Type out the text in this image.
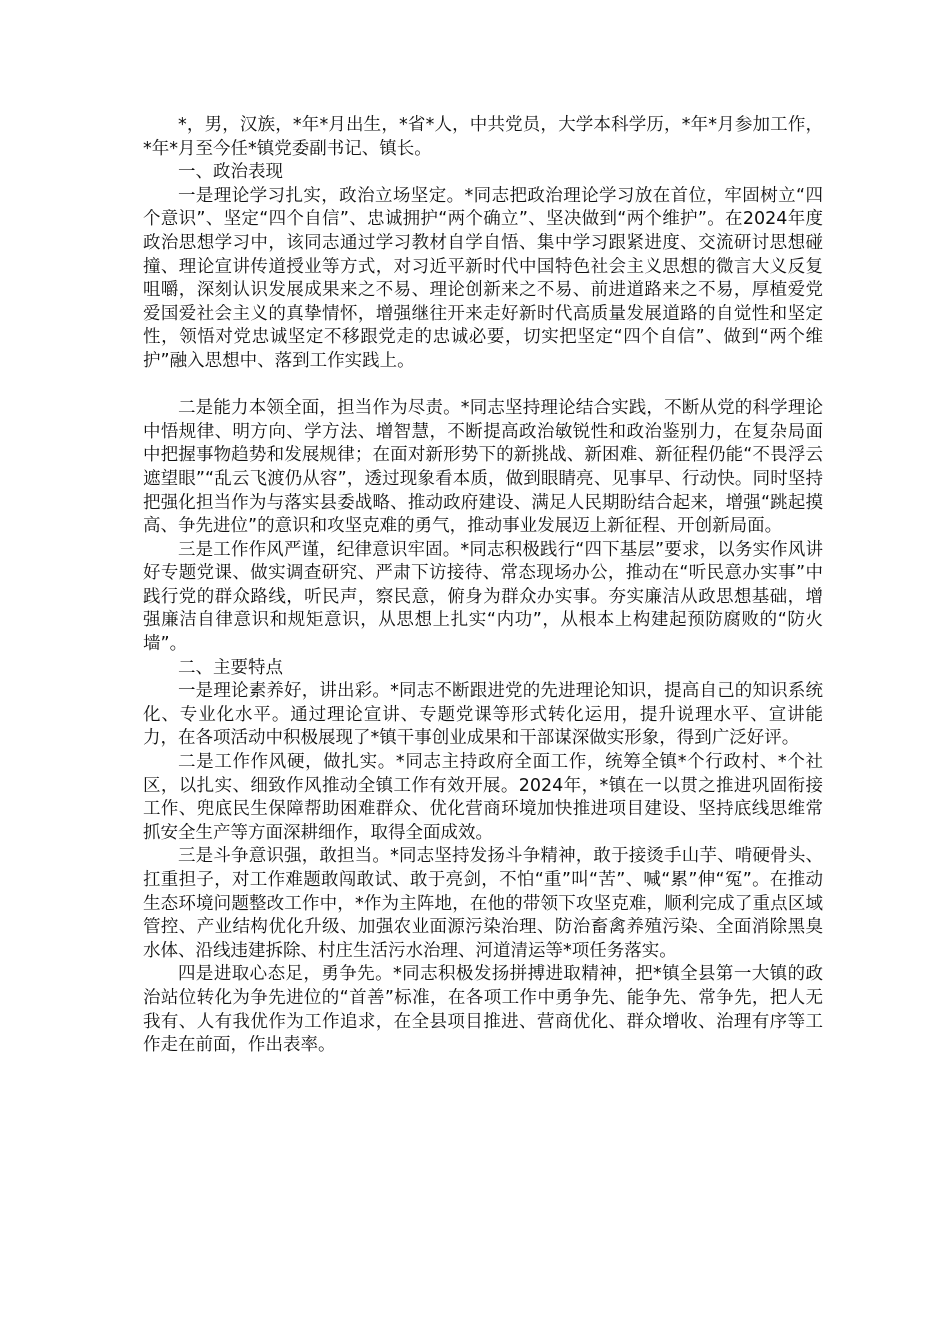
*，男，汉族，*年*月出生，*省*人，中共党员，大学本科学历，*年*月参加工作，*年*月至今任*镇党委副书记、镇长。

一、政治表现

一是理论学习扎实，政治立场坚定。*同志把政治理论学习放在首位，牢固树立“四个意识”、坚定“四个自信”、忠诚拥护“两个确立”、坚决做到“两个维护”。在2024年度政治思想学习中，该同志通过学习教材自学自悟、集中学习跟紧进度、交流研讨思想碰撞、理论宣讲传道授业等方式，对习近平新时代中国特色社会主义思想的微言大义反复咀嚼，深刻认识发展成果来之不易、理论创新来之不易、前进道路来之不易，厚植爱党爱国爱社会主义的真挚情怀，增强继往开来走好新时代高质量发展道路的自觉性和坚定性，领悟对党忠诚坚定不移跟党走的忠诚必要，切实把坚定“四个自信”、做到“两个维护”融入思想中、落到工作实践上。

二是能力本领全面，担当作为尽责。*同志坚持理论结合实践，不断从党的科学理论中悟规律、明方向、学方法、增智慧，不断提高政治敏锐性和政治鉴别力，在复杂局面中把握事物趋势和发展规律；在面对新形势下的新挑战、新困难、新征程仍能“不畏浮云遮望眼”“乱云飞渡仍从容”，透过现象看本质，做到眼睛亮、见事早、行动快。同时坚持把强化担当作为与落实县委战略、推动政府建设、满足人民期盼结合起来，增强“跳起摸高、争先进位”的意识和攻坚克难的勇气，推动事业发展迈上新征程、开创新局面。

三是工作作风严谨，纪律意识牢固。*同志积极践行“四下基层”要求，以务实作风讲好专题党课、做实调查研究、严肃下访接待、常态现场办公，推动在“听民意办实事”中践行党的群众路线，听民声，察民意，俯身为群众办实事。夯实廉洁从政思想基础，增强廉洁自律意识和规矩意识，从思想上扎实“内功”，从根本上构建起预防腐败的“防火墙”。

二、主要特点

一是理论素养好，讲出彩。*同志不断跟进党的先进理论知识，提高自己的知识系统化、专业化水平。通过理论宣讲、专题党课等形式转化运用，提升说理水平、宣讲能力，在各项活动中积极展现了*镇干事创业成果和干部谋深做实形象，得到广泛好评。

二是工作作风硬，做扎实。*同志主持政府全面工作，统筹全镇*个行政村、*个社区，以扎实、细致作风推动全镇工作有效开展。2024年，*镇在一以贯之推进巩固衔接工作、兜底民生保障帮助困难群众、优化营商环境加快推进项目建设、坚持底线思维常抓安全生产等方面深耕细作，取得全面成效。

三是斗争意识强，敢担当。*同志坚持发扬斗争精神，敢于接烫手山芋、啃硬骨头、扛重担子，对工作难题敢闯敢试、敢于亮剑，不怕“重”叫“苦”、喊“累”伸“冤”。在推动生态环境问题整改工作中，*作为主阵地，在他的带领下攻坚克难，顺利完成了重点区域管控、产业结构优化升级、加强农业面源污染治理、防治畜禽养殖污染、全面消除黑臭水体、沿线违建拆除、村庄生活污水治理、河道清运等*项任务落实。

四是进取心态足，勇争先。*同志积极发扬拼搏进取精神，把*镇全县第一大镇的政治站位转化为争先进位的“首善”标准，在各项工作中勇争先、能争先、常争先，把人无我有、人有我优作为工作追求，在全县项目推进、营商优化、群众增收、治理有序等工作走在前面，作出表率。
